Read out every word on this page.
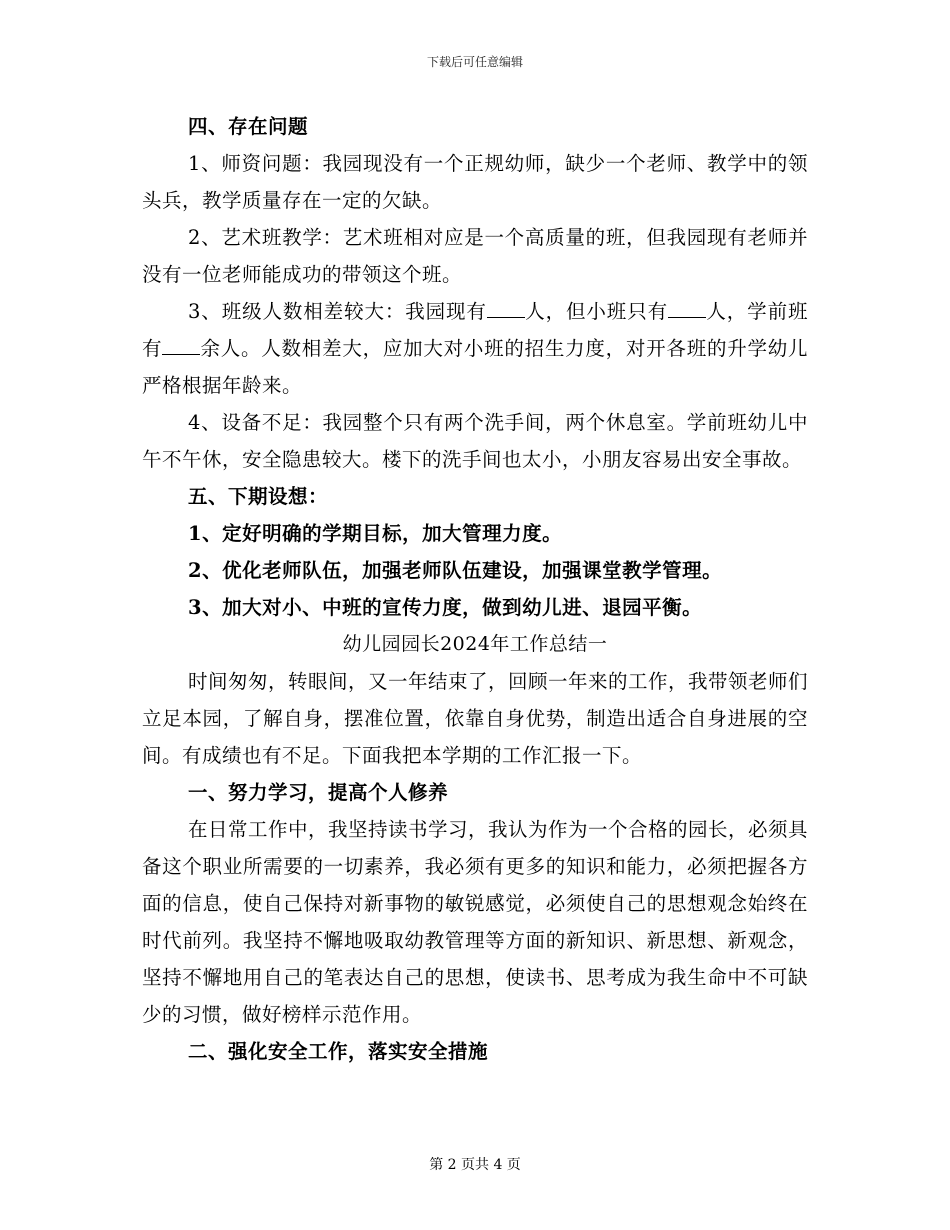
下载后可任意编辑

四、存在问题

1、师资问题：我园现没有一个正规幼师，缺少一个老师、教学中的领头兵，教学质量存在一定的欠缺。

2、艺术班教学：艺术班相对应是一个高质量的班，但我园现有老师并没有一位老师能成功的带领这个班。

3、班级人数相差较大：我园现有 人，但小班只有 人，学前班有 余人。人数相差大，应加大对小班的招生力度，对开各班的升学幼儿严格根据年龄来。

4、设备不足：我园整个只有两个洗手间，两个休息室。学前班幼儿中午不午休，安全隐患较大。楼下的洗手间也太小，小朋友容易出安全事故。

五、下期设想：

1、定好明确的学期目标，加大管理力度。

2、优化老师队伍，加强老师队伍建设，加强课堂教学管理。

3、加大对小、中班的宣传力度，做到幼儿进、退园平衡。

幼儿园园长2024年工作总结一

时间匆匆，转眼间，又一年结束了，回顾一年来的工作，我带领老师们立足本园，了解自身，摆准位置，依靠自身优势，制造出适合自身进展的空间。有成绩也有不足。下面我把本学期的工作汇报一下。

一、努力学习，提高个人修养

在日常工作中，我坚持读书学习，我认为作为一个合格的园长，必须具备这个职业所需要的一切素养，我必须有更多的知识和能力，必须把握各方面的信息，使自己保持对新事物的敏锐感觉，必须使自己的思想观念始终在时代前列。我坚持不懈地吸取幼教管理等方面的新知识、新思想、新观念，坚持不懈地用自己的笔表达自己的思想，使读书、思考成为我生命中不可缺少的习惯，做好榜样示范作用。

二、强化安全工作，落实安全措施

第 2 页共 4 页
